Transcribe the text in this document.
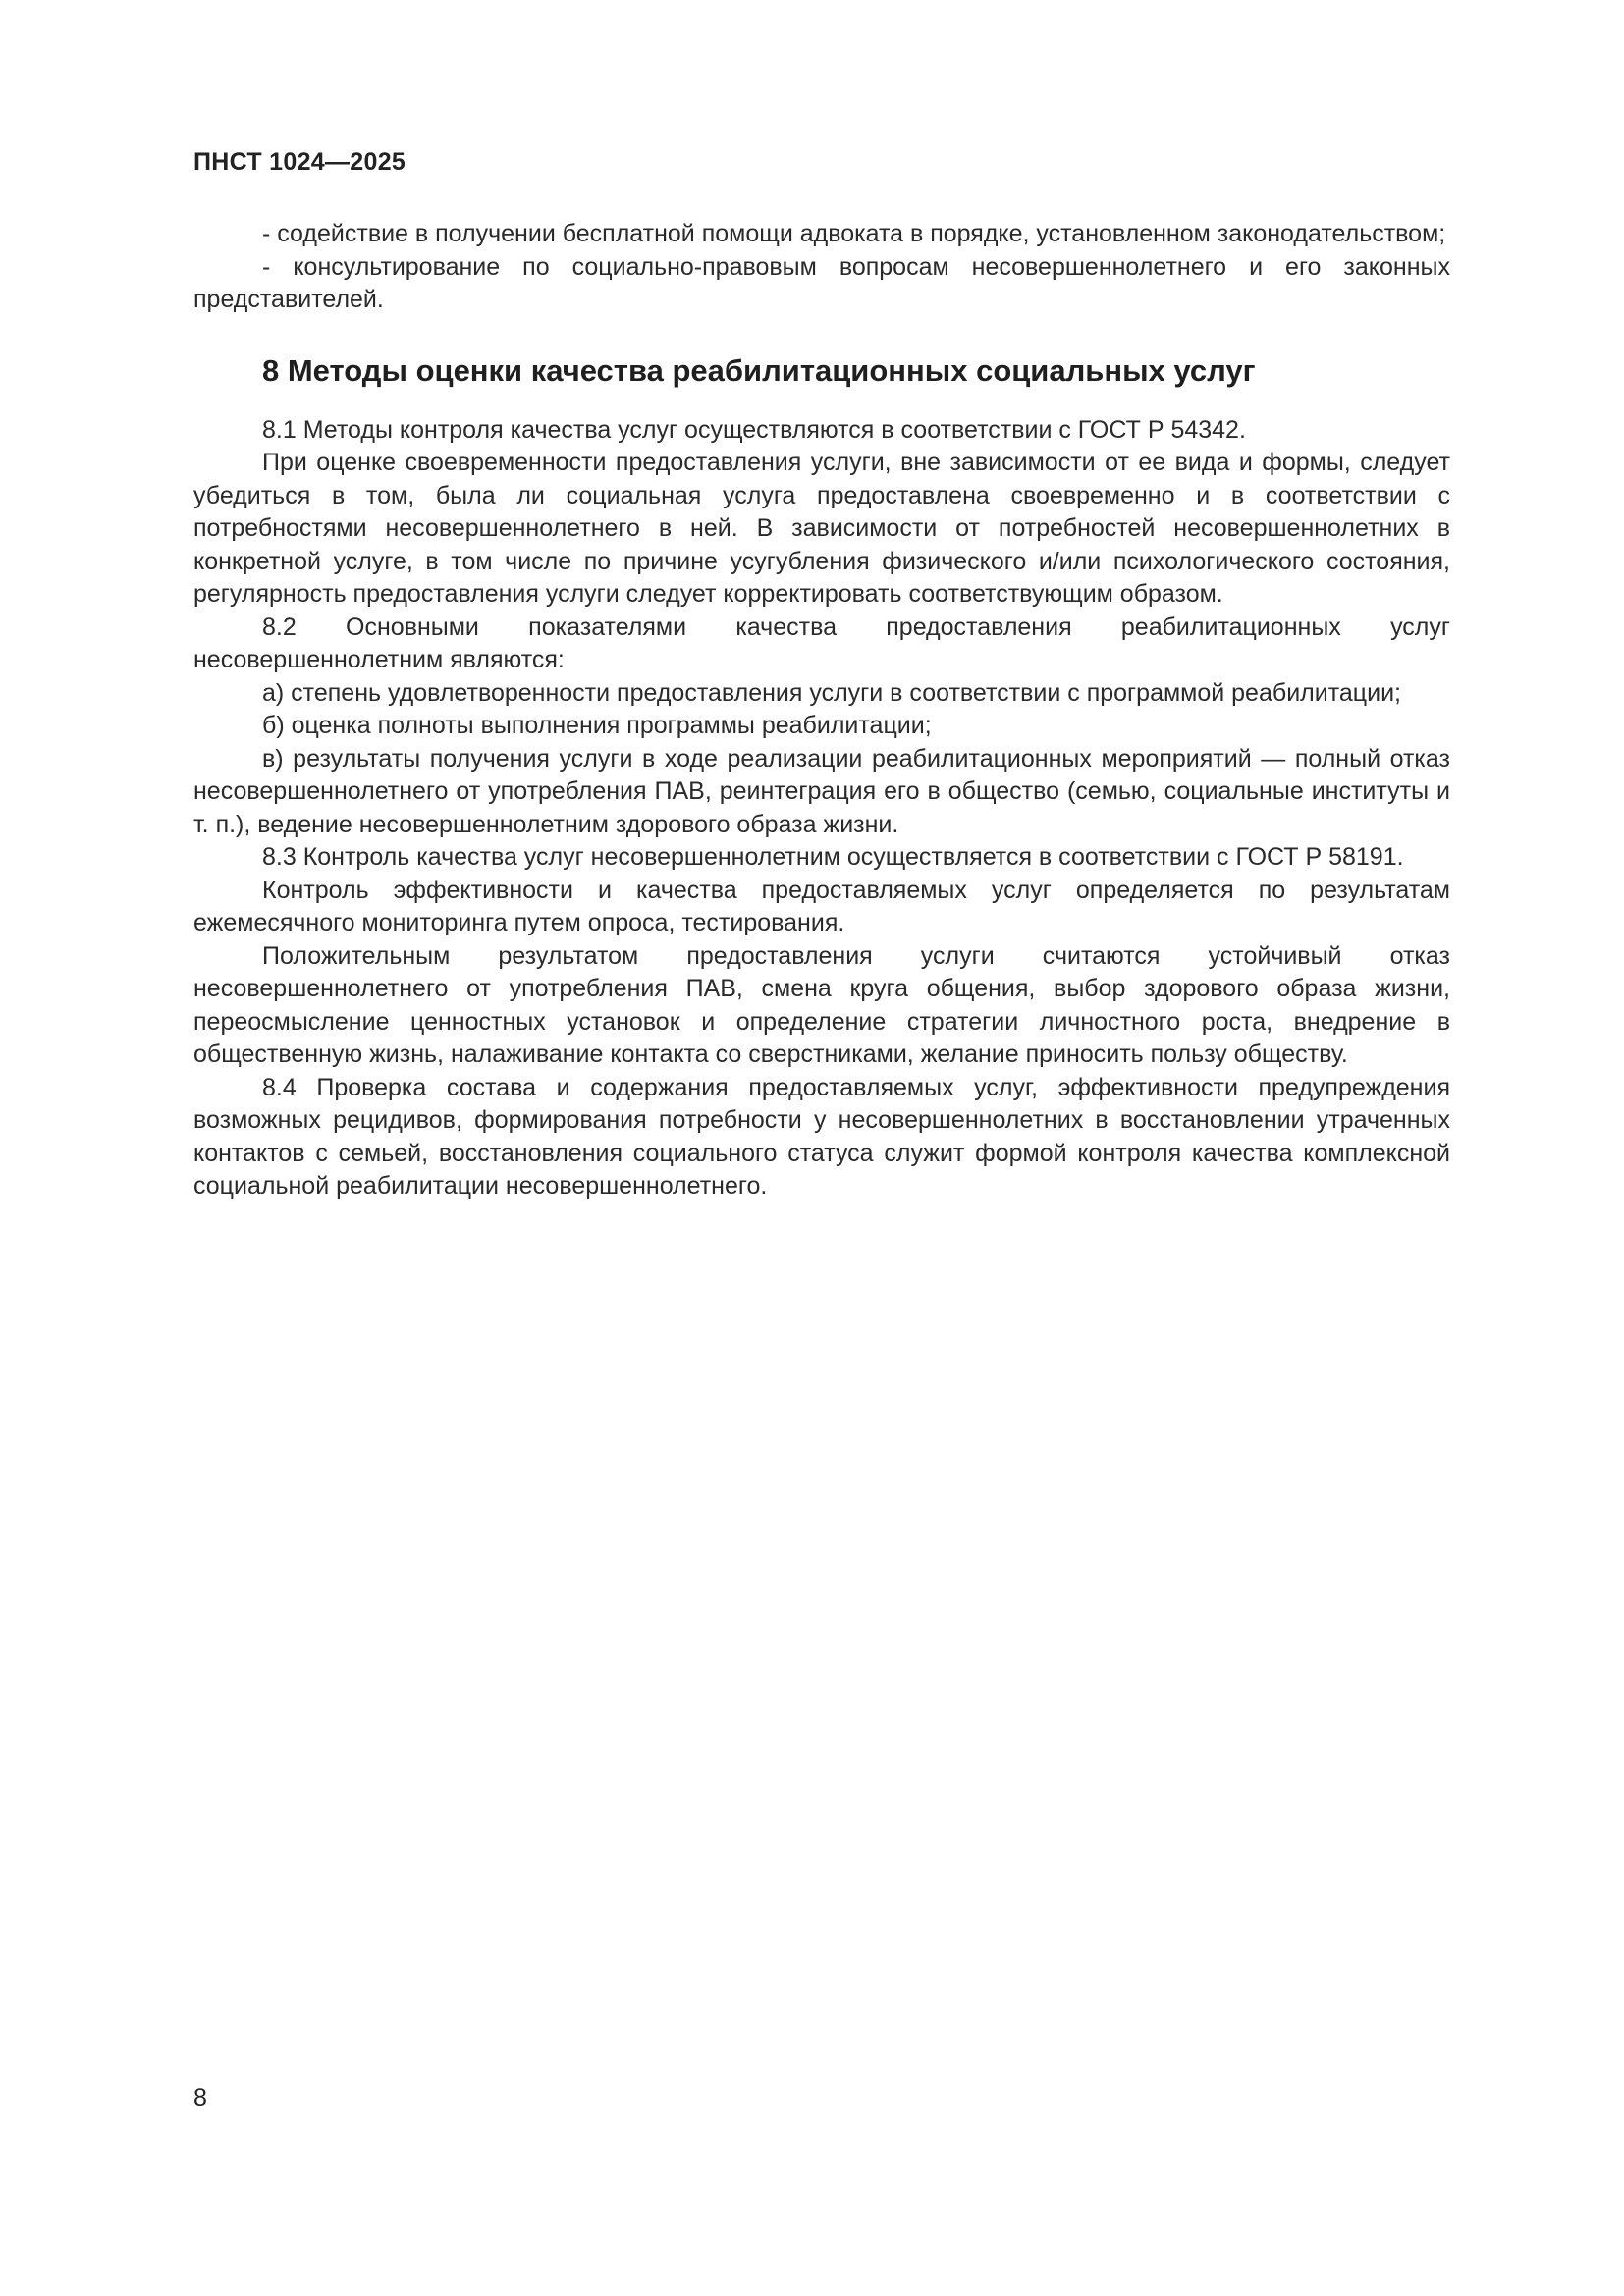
ПНСТ 1024—2025

- содействие в получении бесплатной помощи адвоката в порядке, установленном законодательством;

- консультирование по социально-правовым вопросам несовершеннолетнего и его законных представителей.

8 Методы оценки качества реабилитационных социальных услуг

8.1 Методы контроля качества услуг осуществляются в соответствии с ГОСТ Р 54342.

При оценке своевременности предоставления услуги, вне зависимости от ее вида и формы, следует убедиться в том, была ли социальная услуга предоставлена своевременно и в соответствии с потребностями несовершеннолетнего в ней. В зависимости от потребностей несовершеннолетних в конкретной услуге, в том числе по причине усугубления физического и/или психологического состояния, регулярность предоставления услуги следует корректировать соответствующим образом.

8.2 Основными показателями качества предоставления реабилитационных услуг несовершеннолетним являются:

а) степень удовлетворенности предоставления услуги в соответствии с программой реабилитации;

б) оценка полноты выполнения программы реабилитации;

в) результаты получения услуги в ходе реализации реабилитационных мероприятий — полный отказ несовершеннолетнего от употребления ПАВ, реинтеграция его в общество (семью, социальные институты и т. п.), ведение несовершеннолетним здорового образа жизни.

8.3 Контроль качества услуг несовершеннолетним осуществляется в соответствии с ГОСТ Р 58191.

Контроль эффективности и качества предоставляемых услуг определяется по результатам ежемесячного мониторинга путем опроса, тестирования.

Положительным результатом предоставления услуги считаются устойчивый отказ несовершеннолетнего от употребления ПАВ, смена круга общения, выбор здорового образа жизни, переосмысление ценностных установок и определение стратегии личностного роста, внедрение в общественную жизнь, налаживание контакта со сверстниками, желание приносить пользу обществу.

8.4 Проверка состава и содержания предоставляемых услуг, эффективности предупреждения возможных рецидивов, формирования потребности у несовершеннолетних в восстановлении утраченных контактов с семьей, восстановления социального статуса служит формой контроля качества комплексной социальной реабилитации несовершеннолетнего.

8
